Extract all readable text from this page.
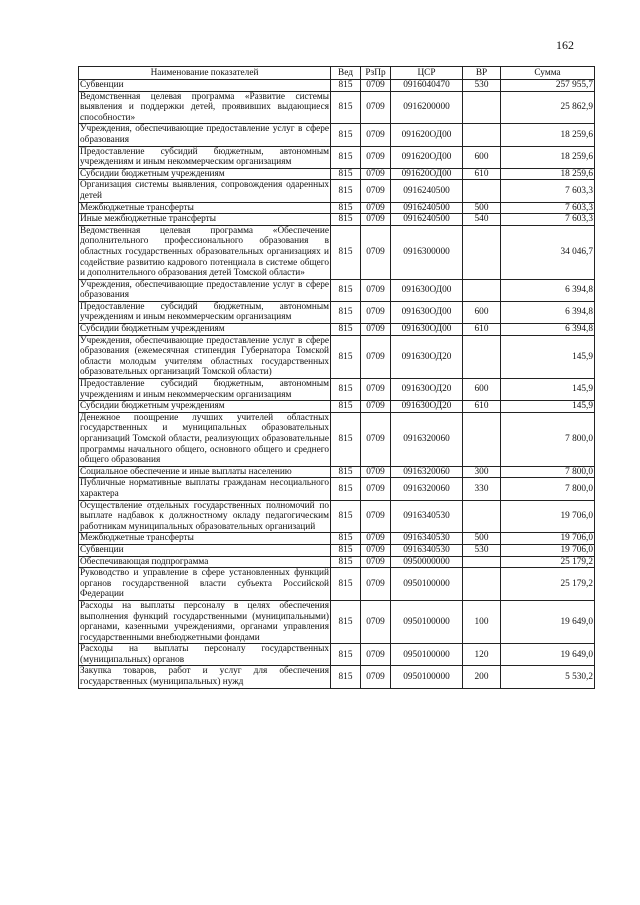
162
Наименование показателей	Вед	РзПр	ЦСР	ВР	Сумма
Субвенции	815	0709	0916040470	530	257 955,7
Ведомственная целевая программа «Развитие системы выявления и поддержки детей, проявивших выдающиеся способности»	815	0709	0916200000		25 862,9
Учреждения, обеспечивающие предоставление услуг в сфере образования	815	0709	091620ОД00		18 259,6
Предоставление субсидий бюджетным, автономным учреждениям и иным некоммерческим организациям	815	0709	091620ОД00	600	18 259,6
Субсидии бюджетным учреждениям	815	0709	091620ОД00	610	18 259,6
Организация системы выявления, сопровождения одаренных детей	815	0709	0916240500		7 603,3
Межбюджетные трансферты	815	0709	0916240500	500	7 603,3
Иные межбюджетные трансферты	815	0709	0916240500	540	7 603,3
Ведомственная целевая программа «Обеспечение дополнительного профессионального образования в областных государственных образовательных организациях и содействие развитию кадрового потенциала в системе общего и дополнительного образования детей Томской области»	815	0709	0916300000		34 046,7
Учреждения, обеспечивающие предоставление услуг в сфере образования	815	0709	091630ОД00		6 394,8
Предоставление субсидий бюджетным, автономным учреждениям и иным некоммерческим организациям	815	0709	091630ОД00	600	6 394,8
Субсидии бюджетным учреждениям	815	0709	091630ОД00	610	6 394,8
Учреждения, обеспечивающие предоставление услуг в сфере образования (ежемесячная стипендия Губернатора Томской области молодым учителям областных государственных образовательных организаций Томской области)	815	0709	091630ОД20		145,9
Предоставление субсидий бюджетным, автономным учреждениям и иным некоммерческим организациям	815	0709	091630ОД20	600	145,9
Субсидии бюджетным учреждениям	815	0709	091630ОД20	610	145,9
Денежное поощрение лучших учителей областных государственных и муниципальных образовательных организаций Томской области, реализующих образовательные программы начального общего, основного общего и среднего общего образования	815	0709	0916320060		7 800,0
Социальное обеспечение и иные выплаты населению	815	0709	0916320060	300	7 800,0
Публичные нормативные выплаты гражданам несоциального характера	815	0709	0916320060	330	7 800,0
Осуществление отдельных государственных полномочий по выплате надбавок к должностному окладу педагогическим работникам муниципальных образовательных организаций	815	0709	0916340530		19 706,0
Межбюджетные трансферты	815	0709	0916340530	500	19 706,0
Субвенции	815	0709	0916340530	530	19 706,0
Обеспечивающая подпрограмма	815	0709	0950000000		25 179,2
Руководство и управление в сфере установленных функций органов государственной власти субъекта Российской Федерации	815	0709	0950100000		25 179,2
Расходы на выплаты персоналу в целях обеспечения выполнения функций государственными (муниципальными) органами, казенными учреждениями, органами управления государственными внебюджетными фондами	815	0709	0950100000	100	19 649,0
Расходы на выплаты персоналу государственных (муниципальных) органов	815	0709	0950100000	120	19 649,0
Закупка товаров, работ и услуг для обеспечения государственных (муниципальных) нужд	815	0709	0950100000	200	5 530,2
